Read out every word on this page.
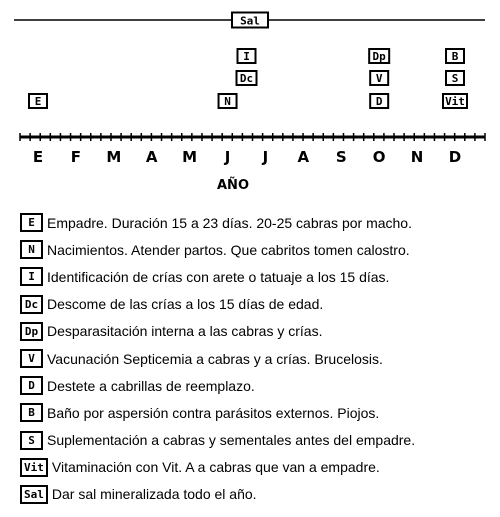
Sal
E	N
Dc
I
D
V
Dp
Vit
S
B
E F M A M J J A S O N D
AÑO
E Empadre. Duración 15 a 23 días. 20-25 cabras por macho.
N Nacimientos. Atender partos. Que cabritos tomen calostro.
I Identificación de crías con arete o tatuaje a los 15 días.
Dc Descome de las crías a los 15 días de edad.
Dp Desparasitación interna a las cabras y crías.
V Vacunación Septicemia a cabras y a crías. Brucelosis.
D Destete a cabrillas de reemplazo.
B Baño por aspersión contra parásitos externos. Piojos.
S Suplementación a cabras y sementales antes del empadre.
Vit Vitaminación con Vit. A a cabras que van a empadre.
Sal Dar sal mineralizada todo el año.
